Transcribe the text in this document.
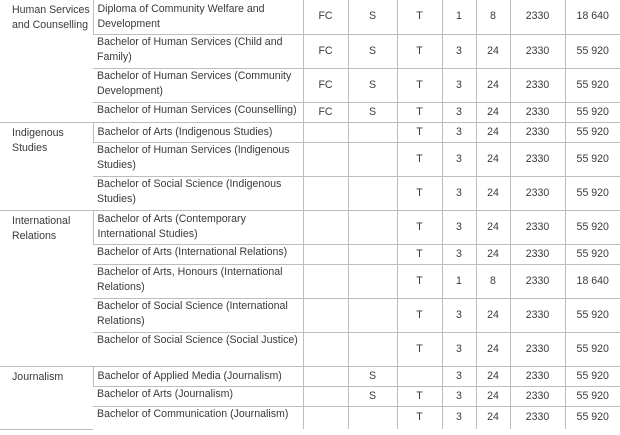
Human Services and Counselling	Diploma of Community Welfare and Development	FC	S	T	1	8	2330	18 640
	Bachelor of Human Services (Child and Family)	FC	S	T	3	24	2330	55 920
	Bachelor of Human Services (Community Development)	FC	S	T	3	24	2330	55 920
	Bachelor of Human Services (Counselling)	FC	S	T	3	24	2330	55 920
Indigenous Studies	Bachelor of Arts (Indigenous Studies)			T	3	24	2330	55 920
	Bachelor of Human Services (Indigenous Studies)			T	3	24	2330	55 920
	Bachelor of Social Science (Indigenous Studies)			T	3	24	2330	55 920
International Relations	Bachelor of Arts (Contemporary International Studies)			T	3	24	2330	55 920
	Bachelor of Arts (International Relations)			T	3	24	2330	55 920
	Bachelor of Arts, Honours (International Relations)			T	1	8	2330	18 640
	Bachelor of Social Science (International Relations)			T	3	24	2330	55 920
	Bachelor of Social Science (Social Justice)			T	3	24	2330	55 920
Journalism	Bachelor of Applied Media (Journalism)		S		3	24	2330	55 920
	Bachelor of Arts (Journalism)		S	T	3	24	2330	55 920
	Bachelor of Communication (Journalism)			T	3	24	2330	55 920
